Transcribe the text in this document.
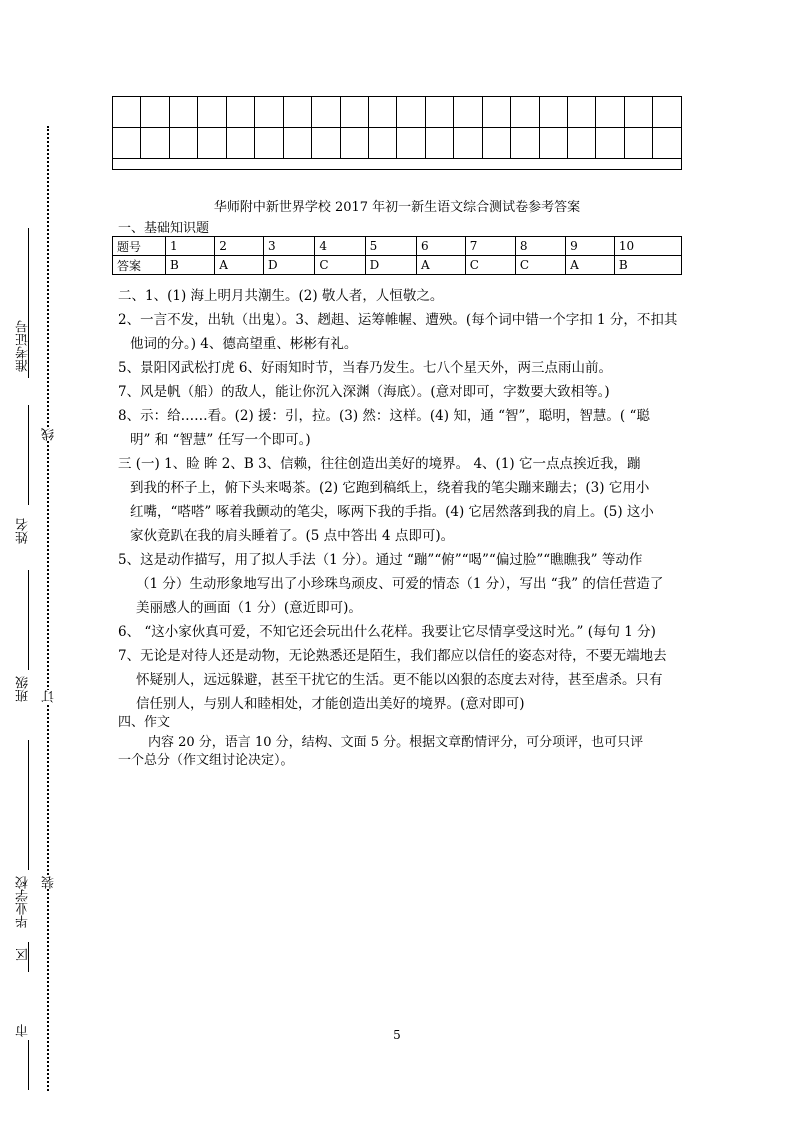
准考证号
姓名
班级
毕业学校
区
市
线
订
装

华师附中新世界学校 2017 年初一新生语文综合测试卷参考答案
一、基础知识题
题号	1	2	3	4	5	6	7	8	9	10
答案	B	A	D	C	D	A	C	C	A	B

二、1、(1) 海上明月共潮生。(2) 敬人者，人恒敬之。

2、一言不发，出轨（出鬼）。3、趔趄、运筹帷幄、遭殃。(每个词中错一个字扣 1 分，不扣其

他词的分。) 4、德高望重、彬彬有礼。

5、景阳冈武松打虎 6、好雨知时节，当春乃发生。七八个星天外，两三点雨山前。

7、风是帆（船）的敌人，能让你沉入深渊（海底）。(意对即可，字数要大致相等。)

8、示：给……看。(2) 援：引，拉。(3) 然：这样。(4) 知，通 “智”，聪明，智慧。( “聪

明” 和 “智慧” 任写一个即可。)

三 (一) 1、睑 眸 2、B 3、信赖，往往创造出美好的境界。 4、(1) 它一点点挨近我，蹦

到我的杯子上，俯下头来喝茶。(2) 它跑到稿纸上，绕着我的笔尖蹦来蹦去；(3) 它用小

红嘴，“嗒嗒” 啄着我颤动的笔尖，啄两下我的手指。(4) 它居然落到我的肩上。(5) 这小

家伙竟趴在我的肩头睡着了。(5 点中答出 4 点即可)。

5、这是动作描写，用了拟人手法（1 分）。通过 “蹦”“俯”“喝”“偏过脸”“瞧瞧我” 等动作

（1 分）生动形象地写出了小珍珠鸟顽皮、可爱的情态（1 分），写出 “我” 的信任营造了

美丽感人的画面（1 分）(意近即可)。

6、 “这小家伙真可爱，不知它还会玩出什么花样。我要让它尽情享受这时光。” (每句 1 分)

7、无论是对待人还是动物，无论熟悉还是陌生，我们都应以信任的姿态对待，不要无端地去

怀疑别人，远远躲避，甚至干扰它的生活。更不能以凶狠的态度去对待，甚至虐杀。只有

信任别人，与别人和睦相处，才能创造出美好的境界。(意对即可)

四、作文
内容 20 分，语言 10 分，结构、文面 5 分。根据文章酌情评分，可分项评，也可只评
一个总分（作文组讨论决定）。
5
